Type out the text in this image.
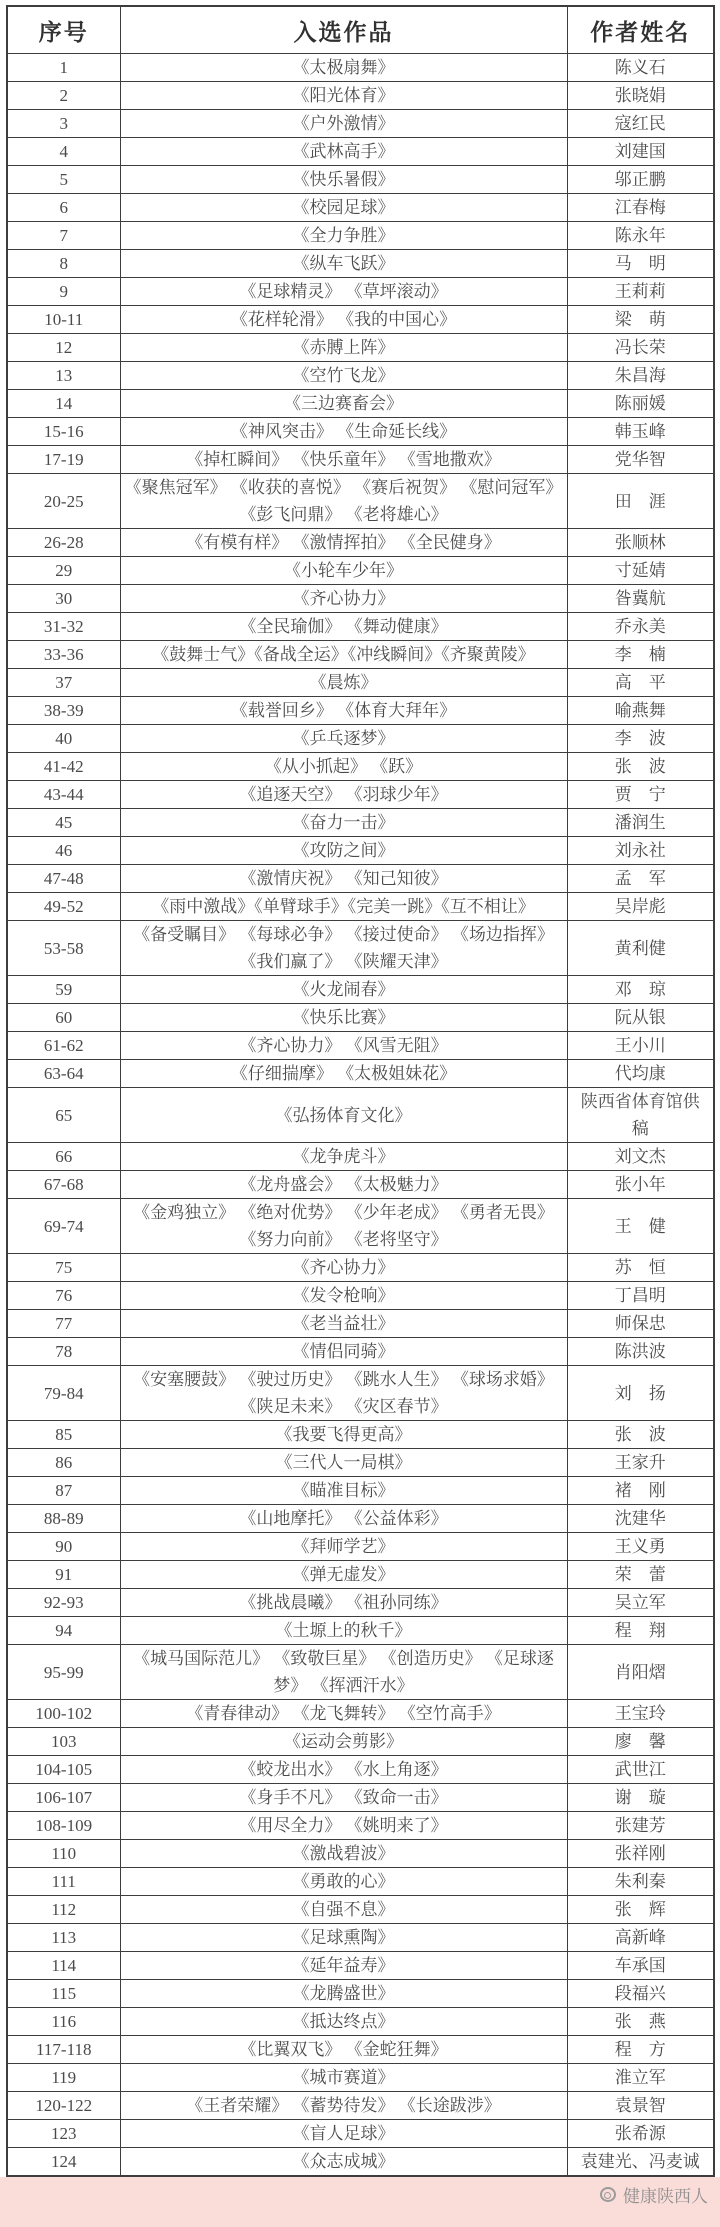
序号	入选作品	作者姓名
1	《太极扇舞》	陈义石
2	《阳光体育》	张晓娟
3	《户外激情》	寇红民
4	《武林高手》	刘建国
5	《快乐暑假》	邬正鹏
6	《校园足球》	江春梅
7	《全力争胜》	陈永年
8	《纵车飞跃》	马　明
9	《足球精灵》 《草坪滚动》	王莉莉
10-11	《花样轮滑》 《我的中国心》	梁　萌
12	《赤膊上阵》	冯长荣
13	《空竹飞龙》	朱昌海
14	《三边赛畜会》	陈丽媛
15-16	《神风突击》 《生命延长线》	韩玉峰
17-19	《掉杠瞬间》 《快乐童年》 《雪地撒欢》	党华智
20-25	《聚焦冠军》 《收获的喜悦》 《赛后祝贺》 《慰问冠军》 《彭飞问鼎》 《老将雄心》	田　涯
26-28	《有模有样》 《激情挥拍》 《全民健身》	张顺林
29	《小轮车少年》	寸延婧
30	《齐心协力》	昝冀航
31-32	《全民瑜伽》 《舞动健康》	乔永美
33-36	《鼓舞士气》《备战全运》《冲线瞬间》《齐聚黄陵》	李　楠
37	《晨炼》	高　平
38-39	《载誉回乡》 《体育大拜年》	喻燕舞
40	《乒乓逐梦》	李　波
41-42	《从小抓起》 《跃》	张　波
43-44	《追逐天空》 《羽球少年》	贾　宁
45	《奋力一击》	潘润生
46	《攻防之间》	刘永社
47-48	《激情庆祝》 《知己知彼》	孟　军
49-52	《雨中激战》《单臂球手》《完美一跳》《互不相让》	吴岸彪
53-58	《备受瞩目》 《每球必争》 《接过使命》 《场边指挥》 《我们赢了》 《陕耀天津》	黄利健
59	《火龙闹春》	邓　琼
60	《快乐比赛》	阮从银
61-62	《齐心协力》 《风雪无阻》	王小川
63-64	《仔细揣摩》 《太极姐妹花》	代均康
65	《弘扬体育文化》	陕西省体育馆供稿
66	《龙争虎斗》	刘文杰
67-68	《龙舟盛会》 《太极魅力》	张小年
69-74	《金鸡独立》 《绝对优势》 《少年老成》 《勇者无畏》 《努力向前》 《老将坚守》	王　健
75	《齐心协力》	苏　恒
76	《发令枪响》	丁昌明
77	《老当益壮》	师保忠
78	《情侣同骑》	陈洪波
79-84	《安塞腰鼓》 《驶过历史》 《跳水人生》 《球场求婚》 《陕足未来》 《灾区春节》	刘　扬
85	《我要飞得更高》	张　波
86	《三代人一局棋》	王家升
87	《瞄准目标》	褚　刚
88-89	《山地摩托》 《公益体彩》	沈建华
90	《拜师学艺》	王义勇
91	《弹无虚发》	荣　蕾
92-93	《挑战晨曦》 《祖孙同练》	吴立军
94	《土塬上的秋千》	程　翔
95-99	《城马国际范儿》 《致敬巨星》 《创造历史》 《足球逐梦》 《挥洒汗水》	肖阳熠
100-102	《青春律动》 《龙飞舞转》 《空竹高手》	王宝玲
103	《运动会剪影》	廖　馨
104-105	《蛟龙出水》 《水上角逐》	武世江
106-107	《身手不凡》 《致命一击》	谢　璇
108-109	《用尽全力》 《姚明来了》	张建芳
110	《激战碧波》	张祥刚
111	《勇敢的心》	朱利秦
112	《自强不息》	张　辉
113	《足球熏陶》	高新峰
114	《延年益寿》	车承国
115	《龙腾盛世》	段福兴
116	《抵达终点》	张　燕
117-118	《比翼双飞》 《金蛇狂舞》	程　方
119	《城市赛道》	淮立军
120-122	《王者荣耀》 《蓄势待发》 《长途跋涉》	袁景智
123	《盲人足球》	张希源
124	《众志成城》	袁建光、冯麦诚
健康陕西人
